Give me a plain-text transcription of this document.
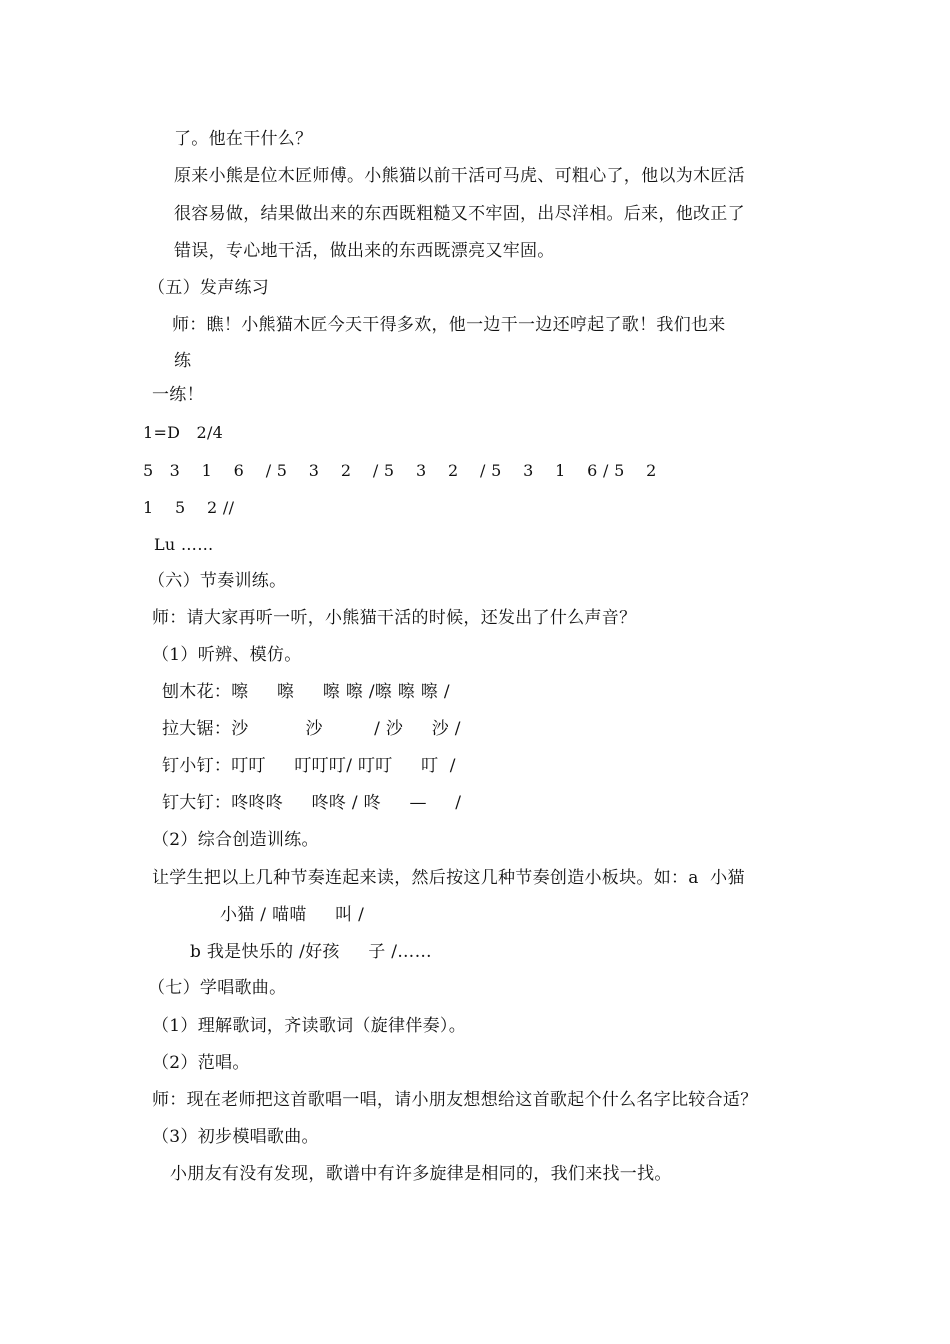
了。他在干什么？
原来小熊是位木匠师傅。小熊猫以前干活可马虎、可粗心了，他以为木匠活
很容易做，结果做出来的东西既粗糙又不牢固，出尽洋相。后来，他改正了
错误，专心地干活，做出来的东西既漂亮又牢固。
（五）发声练习
师：瞧！小熊猫木匠今天干得多欢，他一边干一边还哼起了歌！我们也来
练
一练！
1=D   2/4
5   3    1    6    / 5    3    2    / 5    3    2    / 5    3    1    6 / 5    2
1    5    2 //
Lu ……
（六）节奏训练。
师：请大家再听一听，小熊猫干活的时候，还发出了什么声音？
（1）听辨、模仿。
刨木花：嚓     嚓     嚓 嚓 /嚓 嚓 嚓 /
拉大锯：沙          沙         / 沙     沙 /
钉小钉：叮叮     叮叮叮/ 叮叮     叮  /
钉大钉：咚咚咚     咚咚 / 咚     —     /
（2）综合创造训练。
让学生把以上几种节奏连起来读，然后按这几种节奏创造小板块。如：a  小猫
小猫 / 喵喵     叫 /
b 我是快乐的 /好孩     子 /……
（七）学唱歌曲。
（1）理解歌词，齐读歌词（旋律伴奏）。
（2）范唱。
师：现在老师把这首歌唱一唱，请小朋友想想给这首歌起个什么名字比较合适？
（3）初步模唱歌曲。
小朋友有没有发现，歌谱中有许多旋律是相同的，我们来找一找。
